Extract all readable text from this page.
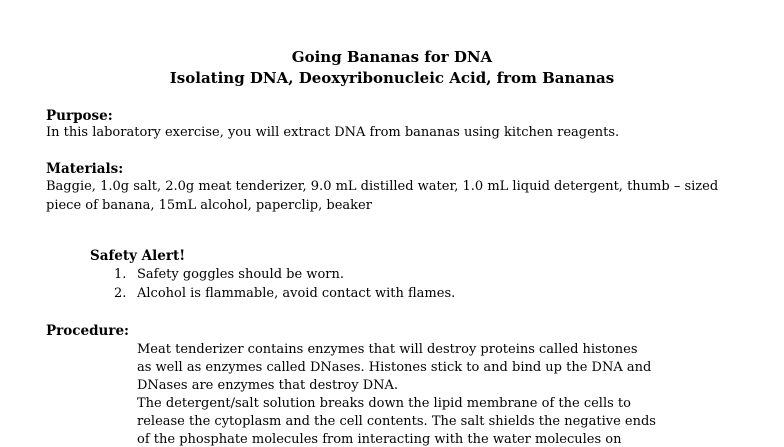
Going Bananas for DNA
Isolating DNA, Deoxyribonucleic Acid, from Bananas
Purpose:
In this laboratory exercise, you will extract DNA from bananas using kitchen reagents.
Materials:
Baggie, 1.0g salt, 2.0g meat tenderizer, 9.0 mL distilled water, 1.0 mL liquid detergent, thumb – sized
piece of banana, 15mL alcohol, paperclip, beaker
Safety Alert!
1. Safety goggles should be worn.
2. Alcohol is flammable, avoid contact with flames.
Procedure:
Meat tenderizer contains enzymes that will destroy proteins called histones
as well as enzymes called DNases. Histones stick to and bind up the DNA and
DNases are enzymes that destroy DNA.
The detergent/salt solution breaks down the lipid membrane of the cells to
release the cytoplasm and the cell contents. The salt shields the negative ends
of the phosphate molecules from interacting with the water molecules on
